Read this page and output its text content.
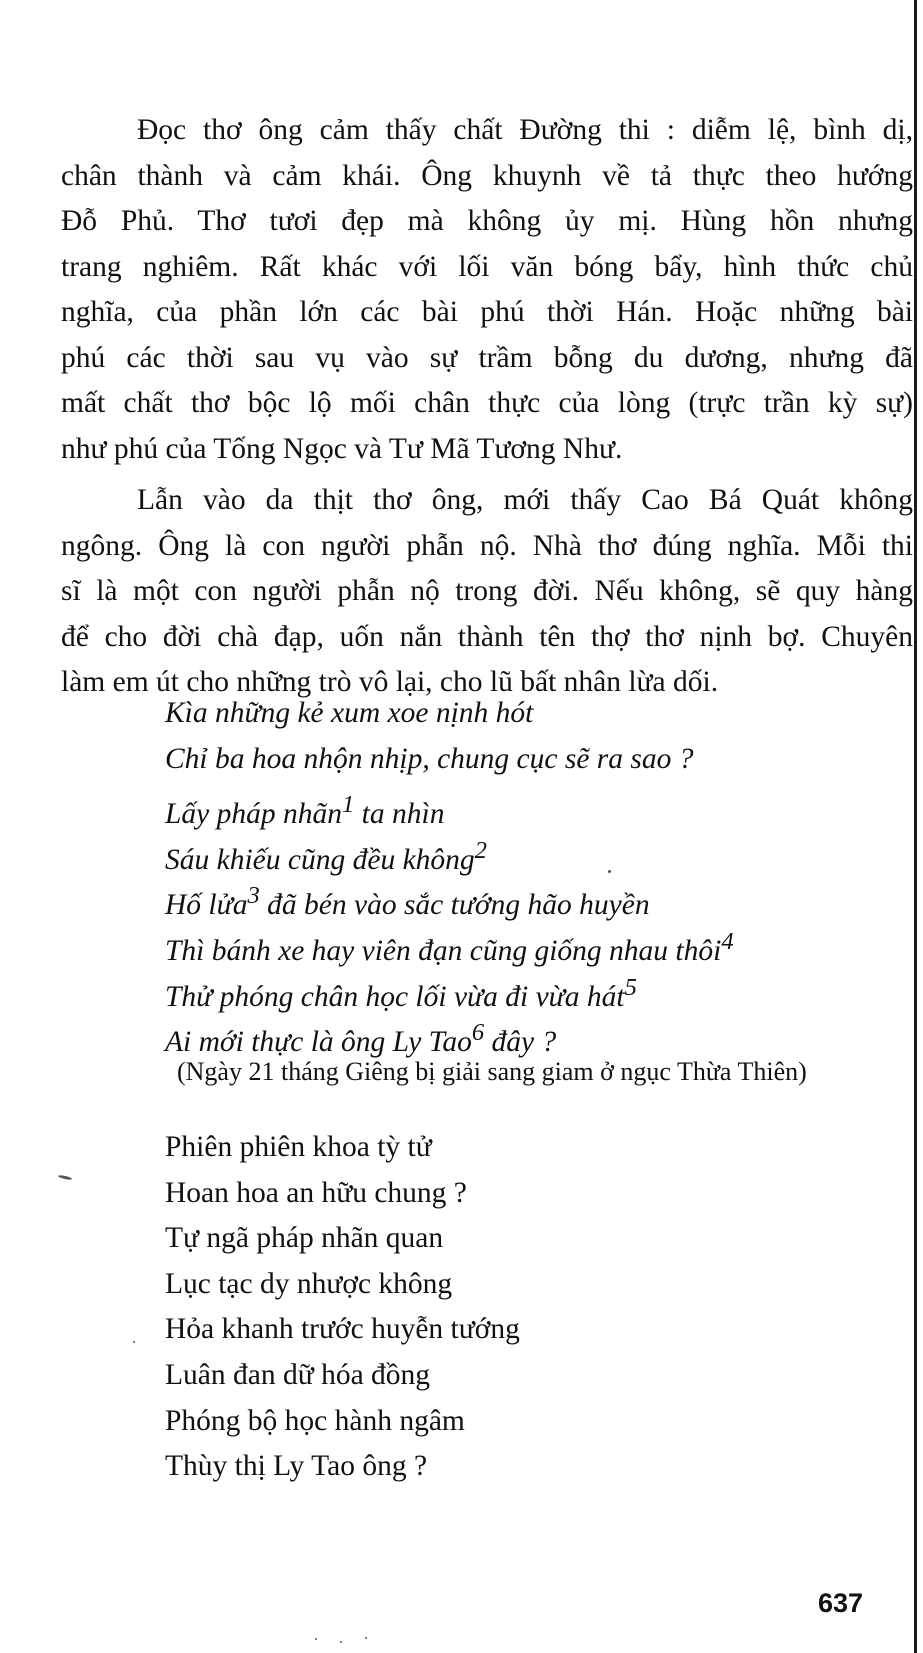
Đọc thơ ông cảm thấy chất Đường thi : diễm lệ, bình dị,
chân thành và cảm khái. Ông khuynh về tả thực theo hướng
Đỗ Phủ. Thơ tươi đẹp mà không ủy mị. Hùng hồn nhưng
trang nghiêm. Rất khác với lối văn bóng bẩy, hình thức chủ
nghĩa, của phần lớn các bài phú thời Hán. Hoặc những bài
phú các thời sau vụ vào sự trầm bỗng du dương, nhưng đã
mất chất thơ bộc lộ mối chân thực của lòng (trực trần kỳ sự)
như phú của Tống Ngọc và Tư Mã Tương Như.
Lẫn vào da thịt thơ ông, mới thấy Cao Bá Quát không
ngông. Ông là con người phẫn nộ. Nhà thơ đúng nghĩa. Mỗi thi
sĩ là một con người phẫn nộ trong đời. Nếu không, sẽ quy hàng
để cho đời chà đạp, uốn nắn thành tên thợ thơ nịnh bợ. Chuyên
làm em út cho những trò vô lại, cho lũ bất nhân lừa dối.
Kìa những kẻ xum xoe nịnh hót
Chỉ ba hoa nhộn nhịp, chung cục sẽ ra sao ?
Lấy pháp nhãn$^1$ ta nhìn
Sáu khiếu cũng đều không$^2$
Hố lửa$^3$ đã bén vào sắc tướng hão huyền
Thì bánh xe hay viên đạn cũng giống nhau thôi$^4$
Thử phóng chân học lối vừa đi vừa hát$^5$
Ai mới thực là ông Ly Tao$^6$ đây ?
(Ngày 21 tháng Giêng bị giải sang giam ở ngục Thừa Thiên)
Phiên phiên khoa tỳ tử
Hoan hoa an hữu chung ?
Tự ngã pháp nhãn quan
Lục tạc dy nhược không
Hỏa khanh trước huyễn tướng
Luân đan dữ hóa đồng
Phóng bộ học hành ngâm
Thùy thị Ly Tao ông ?
637
